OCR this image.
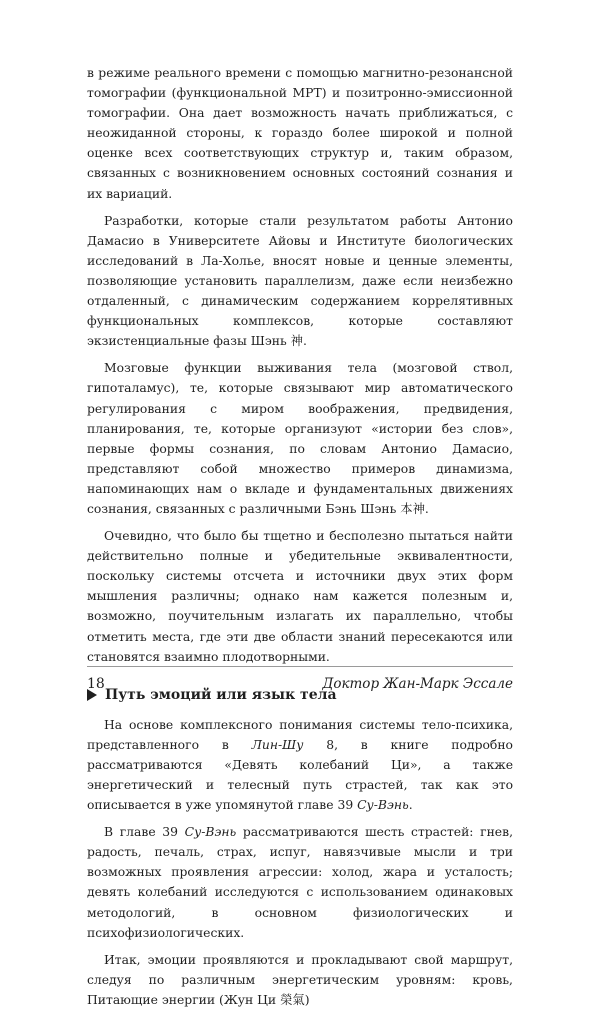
в режиме реального времени с помощью магнитно-резонансной томографии (функциональной МРТ) и позитронно-эмиссионной томографии. Она дает возможность начать приближаться, с неожиданной стороны, к гораздо более широкой и полной оценке всех соответствующих структур и, таким образом, связанных с возникновением основных состояний сознания и их вариаций.

Разработки, которые стали результатом работы Антонио Дамасио в Университете Айовы и Институте биологических исследований в Ла-Холье, вносят новые и ценные элементы, позволяющие установить параллелизм, даже если неизбежно отдаленный, с динамическим содержанием коррелятивных функциональных комплексов, которые составляют экзистенциальные фазы Шэнь 神.

Мозговые функции выживания тела (мозговой ствол, гипоталамус), те, которые связывают мир автоматического регулирования с миром воображения, предвидения, планирования, те, которые организуют «истории без слов», первые формы сознания, по словам Антонио Дамасио, представляют собой множество примеров динамизма, напоминающих нам о вкладе и фундаментальных движениях сознания, связанных с различными Бэнь Шэнь 本神.

Очевидно, что было бы тщетно и бесполезно пытаться найти действительно полные и убедительные эквивалентности, поскольку системы отсчета и источники двух этих форм мышления различны; однако нам кажется полезным и, возможно, поучительным излагать их параллельно, чтобы отметить места, где эти две области знаний пересекаются или становятся взаимно плодотворными.

Путь эмоций или язык тела

На основе комплексного понимания системы тело-психика, представленного в Лин-Шу 8, в книге подробно рассматриваются «Девять колебаний Ци», а также энергетический и телесный путь страстей, так как это описывается в уже упомянутой главе 39 Су-Вэнь.

В главе 39 Су-Вэнь рассматриваются шесть страстей: гнев, радость, печаль, страх, испуг, навязчивые мысли и три возможных проявления агрессии: холод, жара и усталость; девять колебаний исследуются с использованием одинаковых методологий, в основном физиологических и психофизиологических.

Итак, эмоции проявляются и прокладывают свой маршрут, следуя по различным энергетическим уровням: кровь, Питающие энергии (Жун Ци 榮氣)

18	Доктор Жан-Марк Эссале
